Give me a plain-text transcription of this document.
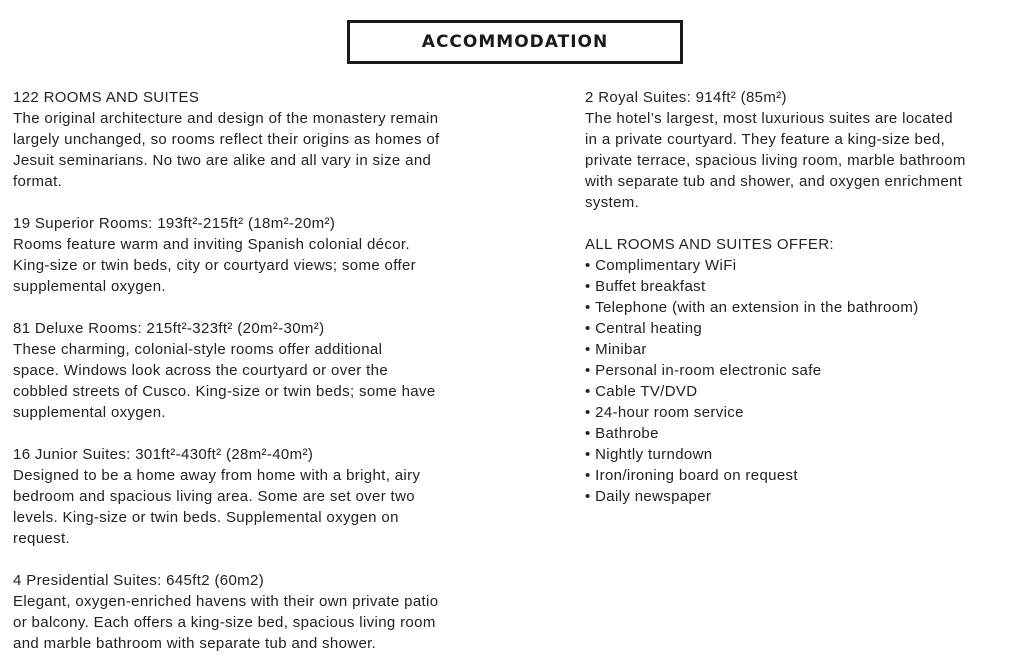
ACCOMMODATION
122 ROOMS AND SUITES
The original architecture and design of the monastery remain
largely unchanged, so rooms reflect their origins as homes of
Jesuit seminarians. No two are alike and all vary in size and
format.
19 Superior Rooms: 193ft²-215ft² (18m²-20m²)
Rooms feature warm and inviting Spanish colonial décor.
King-size or twin beds, city or courtyard views; some offer
supplemental oxygen.
81 Deluxe Rooms: 215ft²-323ft² (20m²-30m²)
These charming, colonial-style rooms offer additional
space. Windows look across the courtyard or over the
cobbled streets of Cusco. King-size or twin beds; some have
supplemental oxygen.
16 Junior Suites: 301ft²-430ft² (28m²-40m²)
Designed to be a home away from home with a bright, airy
bedroom and spacious living area. Some are set over two
levels. King-size or twin beds. Supplemental oxygen on
request.
4 Presidential Suites: 645ft2 (60m2)
Elegant, oxygen-enriched havens with their own private patio
or balcony. Each offers a king-size bed, spacious living room
and marble bathroom with separate tub and shower.
2 Royal Suites: 914ft² (85m²)
The hotel’s largest, most luxurious suites are located
in a private courtyard. They feature a king-size bed,
private terrace, spacious living room, marble bathroom
with separate tub and shower, and oxygen enrichment
system.
ALL ROOMS AND SUITES OFFER:
• Complimentary WiFi
• Buffet breakfast
• Telephone (with an extension in the bathroom)
• Central heating
• Minibar
• Personal in-room electronic safe
• Cable TV/DVD
• 24-hour room service
• Bathrobe
• Nightly turndown
• Iron/ironing board on request
• Daily newspaper
